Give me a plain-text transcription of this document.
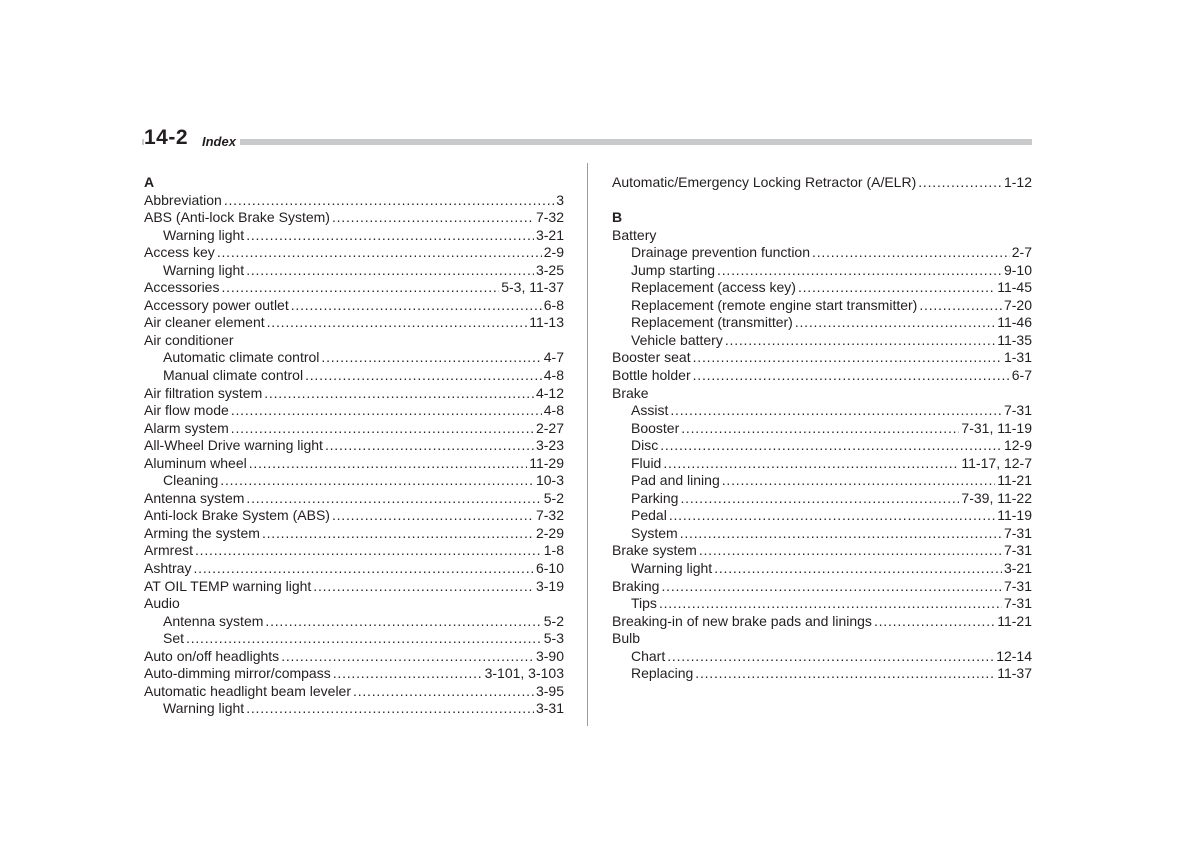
14-2	Index
A
Abbreviation . . .	3
ABS (Anti-lock Brake System) . . .	7-32
Warning light . . .	3-21
Access key . . .	2-9
Warning light . . .	3-25
Accessories . . .	5-3, 11-37
Accessory power outlet . . .	6-8
Air cleaner element . . .	11-13
Air conditioner
Automatic climate control . . .	4-7
Manual climate control . . .	4-8
Air filtration system . . .	4-12
Air flow mode . . .	4-8
Alarm system . . .	2-27
All-Wheel Drive warning light . . .	3-23
Aluminum wheel . . .	11-29
Cleaning . . .	10-3
Antenna system . . .	5-2
Anti-lock Brake System (ABS) . . .	7-32
Arming the system . . .	2-29
Armrest . . .	1-8
Ashtray . . .	6-10
AT OIL TEMP warning light . . .	3-19
Audio
Antenna system . . .	5-2
Set . . .	5-3
Auto on/off headlights . . .	3-90
Auto-dimming mirror/compass . . .	3-101, 3-103
Automatic headlight beam leveler . . .	3-95
Warning light . . .	3-31
Automatic/Emergency Locking Retractor (A/ELR) . . .	1-12
B
Battery
Drainage prevention function . . .	2-7
Jump starting . . .	9-10
Replacement (access key) . . .	11-45
Replacement (remote engine start transmitter) . . .	7-20
Replacement (transmitter) . . .	11-46
Vehicle battery . . .	11-35
Booster seat . . .	1-31
Bottle holder . . .	6-7
Brake
Assist . . .	7-31
Booster . . .	7-31, 11-19
Disc . . .	12-9
Fluid . . .	11-17, 12-7
Pad and lining . . .	11-21
Parking . . .	7-39, 11-22
Pedal . . .	11-19
System . . .	7-31
Brake system . . .	7-31
Warning light . . .	3-21
Braking . . .	7-31
Tips . . .	7-31
Breaking-in of new brake pads and linings . . .	11-21
Bulb
Chart . . .	12-14
Replacing . . .	11-37
